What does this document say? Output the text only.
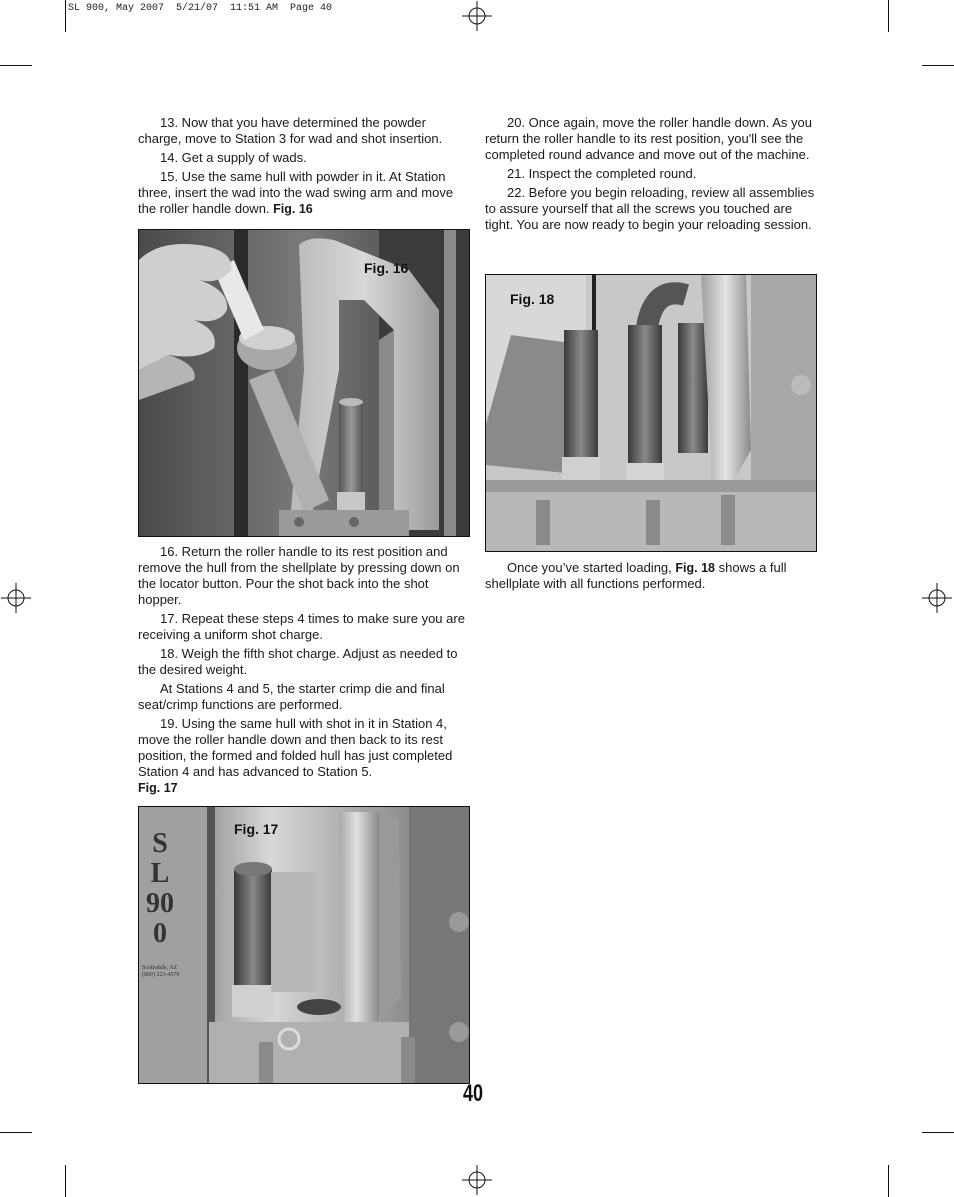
SL 900, May 2007  5/21/07  11:51 AM  Page 40

13. Now that you have determined the powder charge, move to Station 3 for wad and shot insertion.

14. Get a supply of wads.

15. Use the same hull with powder in it. At Station three, insert the wad into the wad swing arm and move the roller handle down. Fig. 16

Fig. 16

16. Return the roller handle to its rest position and remove the hull from the shellplate by pressing down on the locator button. Pour the shot back into the shot hopper.

17. Repeat these steps 4 times to make sure you are receiving a uniform shot charge.

18. Weigh the fifth shot charge. Adjust as needed to the desired weight.

At Stations 4 and 5, the starter crimp die and final seat/crimp functions are performed.

19. Using the same hull with shot in it in Station 4, move the roller handle down and then back to its rest position, the formed and folded hull has just completed Station 4 and has advanced to Station 5.

Fig. 17

SL900
Scottsdale, AZ
(800) 223-4570
Fig. 17

20. Once again, move the roller handle down. As you return the roller handle to its rest position, you'll see the completed round advance and move out of the machine.

21. Inspect the completed round.

22. Before you begin reloading, review all assemblies to assure yourself that all the screws you touched are tight. You are now ready to begin your reloading session.

Fig. 18

Once you’ve started loading, Fig. 18 shows a full shellplate with all functions performed.

40
